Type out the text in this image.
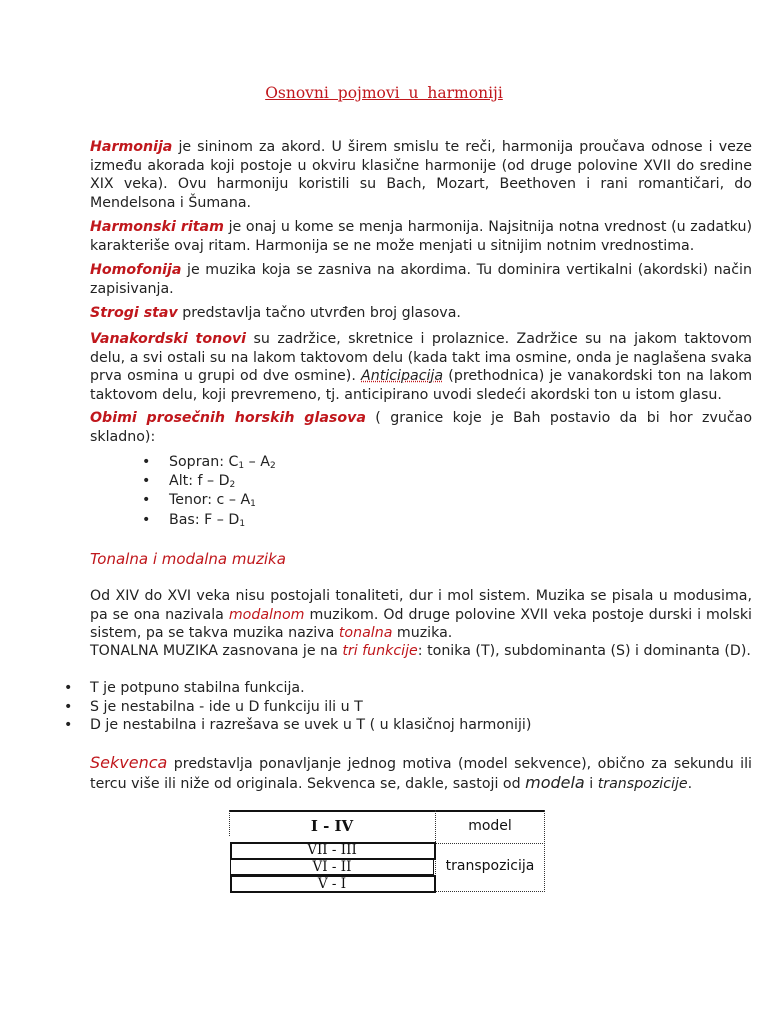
Osnovni pojmovi u harmoniji

Harmonija je sininom za akord. U širem smislu te reči, harmonija proučava odnose i veze između akorada koji postoje u okviru klasične harmonije (od druge polovine XVII do sredine XIX veka). Ovu harmoniju koristili su Bach, Mozart, Beethoven i rani romantičari, do Mendelsona i Šumana.

Harmonski ritam je onaj u kome se menja harmonija. Najsitnija notna vrednost (u zadatku) karakteriše ovaj ritam. Harmonija se ne može menjati u sitnijim notnim vrednostima.

Homofonija je muzika koja se zasniva na akordima. Tu dominira vertikalni (akordski) način zapisivanja.

Strogi stav predstavlja tačno utvrđen broj glasova.

Vanakordski tonovi su zadržice, skretnice i prolaznice. Zadržice su na jakom taktovom delu, a svi ostali su na lakom taktovom delu (kada takt ima osmine, onda je naglašena svaka prva osmina u grupi od dve osmine). Anticipacija (prethodnica) je vanakordski ton na lakom taktovom delu, koji prevremeno, tj. anticipirano uvodi sledeći akordski ton u istom glasu.

Obimi prosečnih horskih glasova ( granice koje je Bah postavio da bi hor zvučao skladno):

• Sopran: $C_1 - A_2$
• Alt: f – $D_2$
• Tenor: c – $A_1$
• Bas: F – $D_1$
Tonalna i modalna muzika

Od XIV do XVI veka nisu postojali tonaliteti, dur i mol sistem. Muzika se pisala u modusima, pa se ona nazivala modalnom muzikom. Od druge polovine XVII veka postoje durski i molski sistem, pa se takva muzika naziva tonalna muzika.

TONALNA MUZIKA zasnovana je na tri funkcije: tonika (T), subdominanta (S) i dominanta (D).

• T je potpuno stabilna funkcija.
• S je nestabilna - ide u D funkciju ili u T
• D je nestabilna i razrešava se uvek u T ( u klasičnoj harmoniji)

Sekvenca predstavlja ponavljanje jednog motiva (model sekvence), obično za sekundu ili tercu više ili niže od originala. Sekvenca se, dakle, sastoji od modela i transpozicije.

I - IV	model
VII - III
VI - II
V - I
transpozicija
